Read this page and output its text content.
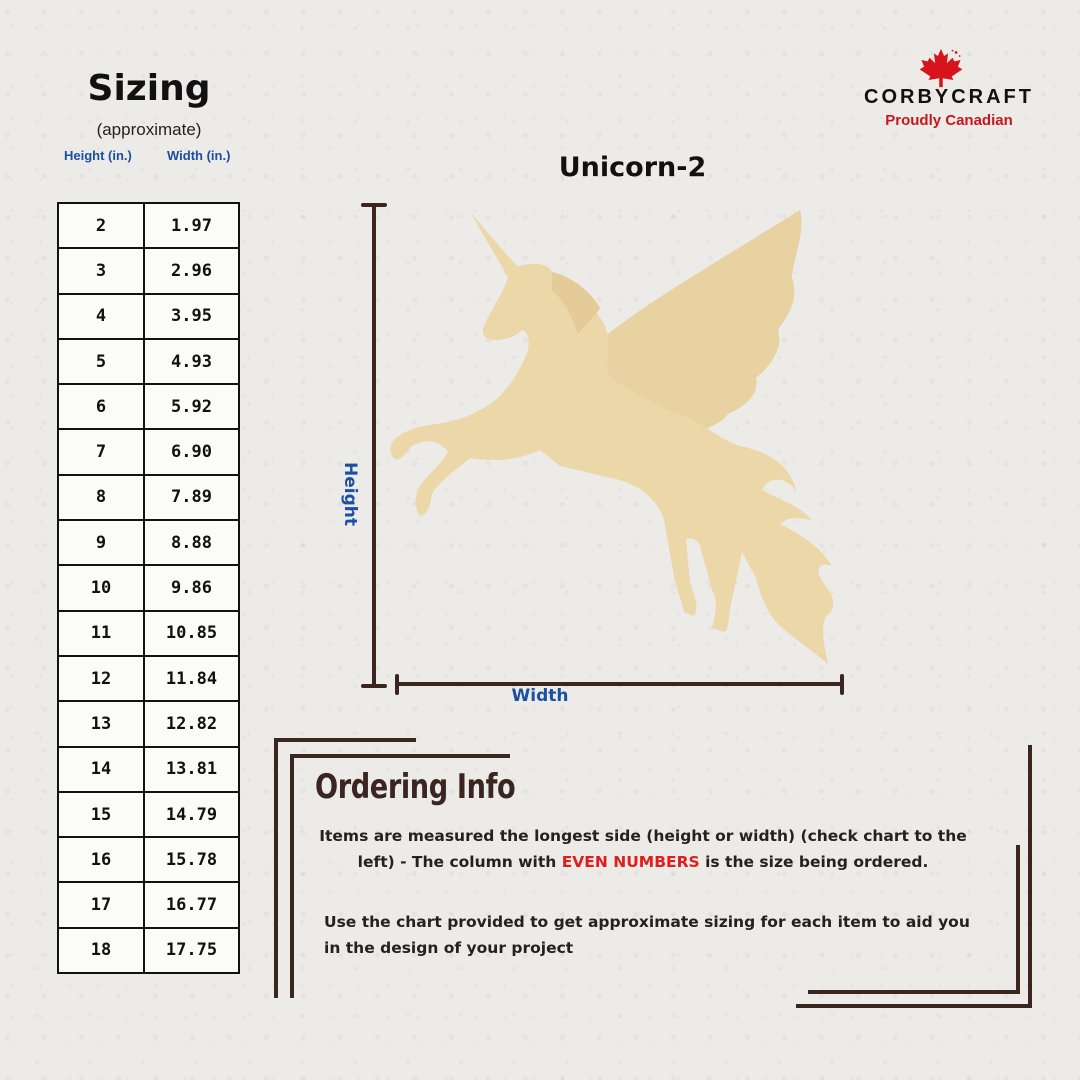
Sizing
(approximate)
Height (in.)	Width (in.)
2	1.97
3	2.96
4	3.95
5	4.93
6	5.92
7	6.90
8	7.89
9	8.88
10	9.86
11	10.85
12	11.84
13	12.82
14	13.81
15	14.79
16	15.78
17	16.77
18	17.75
CORBYCRAFT
Proudly Canadian
Unicorn-2
Height
Width
Ordering Info
Items are measured the longest side (height or width) (check chart to the left) - The column with EVEN NUMBERS is the size being ordered.
Use the chart provided to get approximate sizing for each item to aid you in the design of your project
